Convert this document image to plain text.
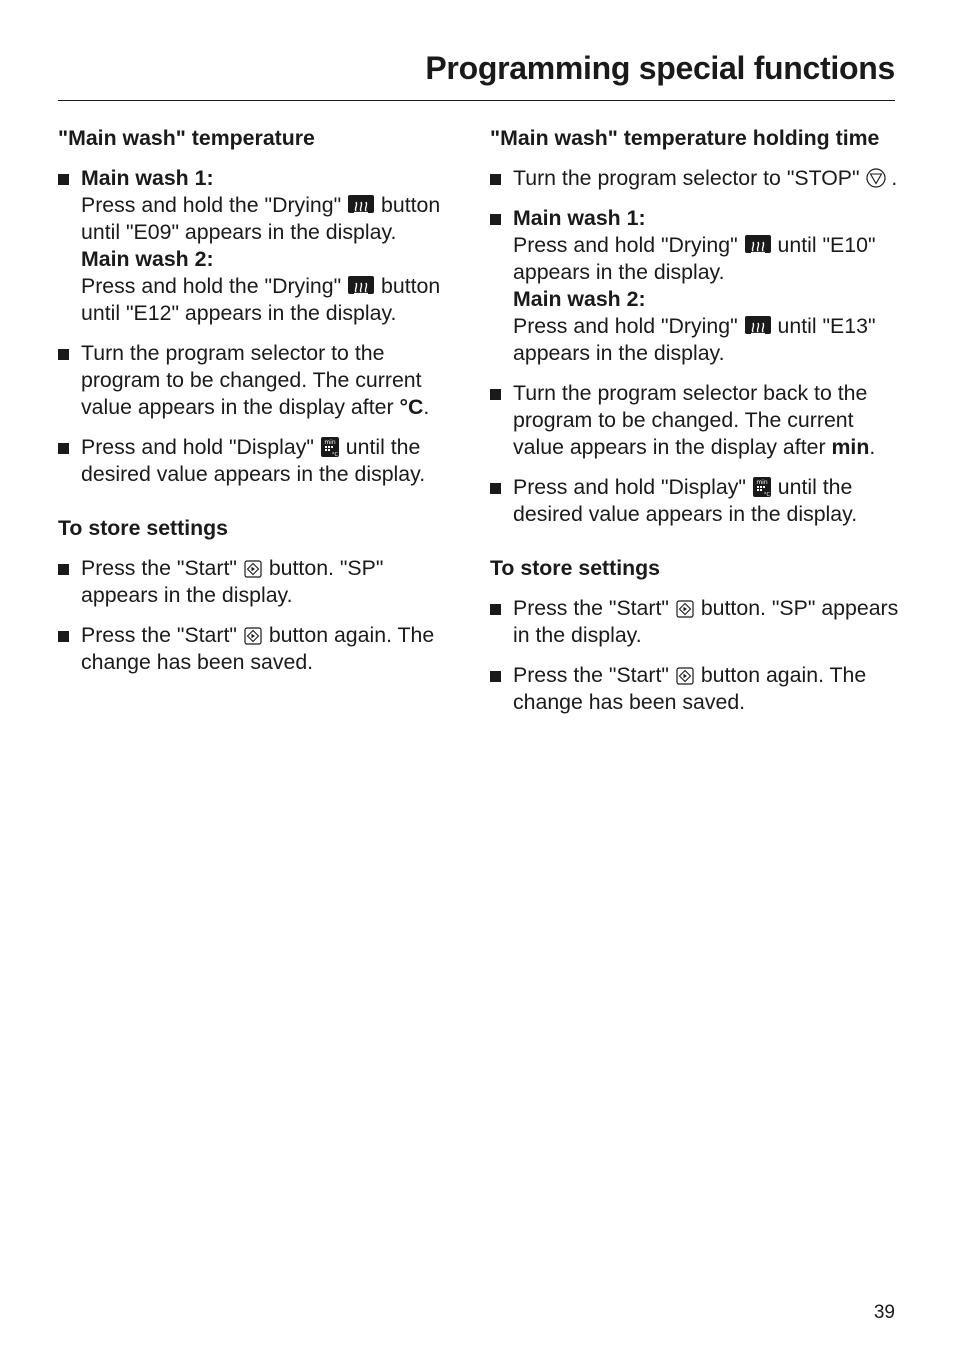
Programming special functions

"Main wash" temperature

Main wash 1:
Press and hold the "Drying" button until "E09" appears in the display.
Main wash 2:
Press and hold the "Drying" button until "E12" appears in the display.
Turn the program selector to the program to be changed. The current value appears in the display after °C.
Press and hold "Display" min
°C until the desired value appears in the display.

To store settings

Press the "Start" button. "SP" appears in the display.
Press the "Start" button again. The change has been saved.

"Main wash" temperature holding time

Turn the program selector to "STOP" .
Main wash 1:
Press and hold "Drying" until "E10" appears in the display.
Main wash 2:
Press and hold "Drying" until "E13" appears in the display.
Turn the program selector back to the program to be changed. The current value appears in the display after min.
Press and hold "Display" min
°C until the desired value appears in the display.

To store settings

Press the "Start" button. "SP" appears in the display.
Press the "Start" button again. The change has been saved.
39
